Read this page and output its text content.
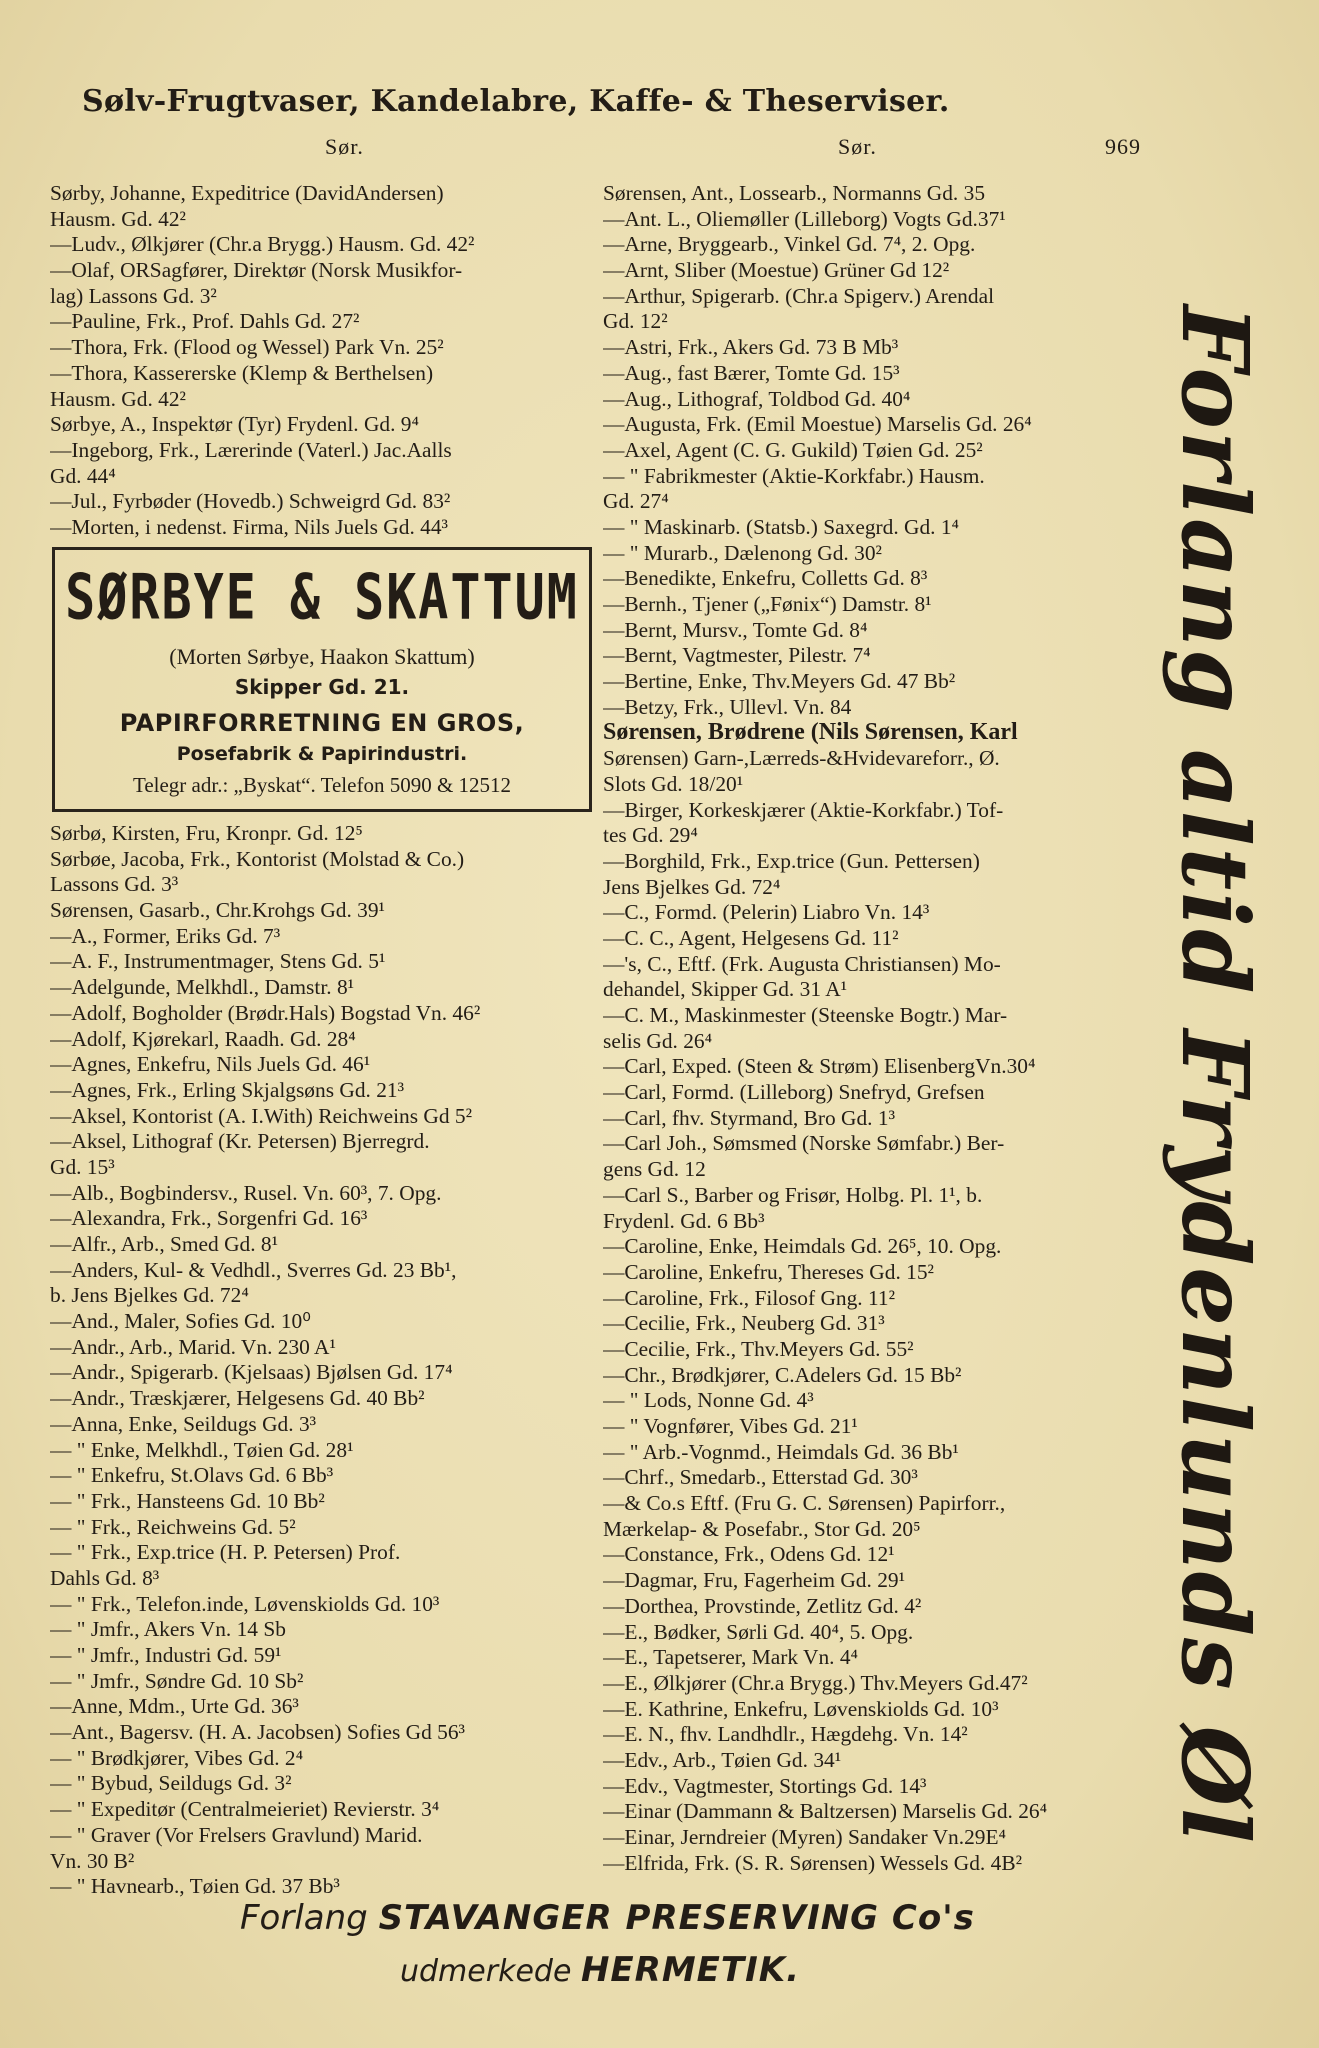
Sølv-Frugtvaser, Kandelabre, Kaffe- & Theserviser.
Sør.	Sør.	969
Sørby, Johanne, Expeditrice (DavidAndersen)
Hausm. Gd. 42²
—Ludv., Ølkjører (Chr.a Brygg.) Hausm. Gd. 42²
—Olaf, ORSagfører, Direktør (Norsk Musikfor-
lag) Lassons Gd. 3²
—Pauline, Frk., Prof. Dahls Gd. 27²
—Thora, Frk. (Flood og Wessel) Park Vn. 25²
—Thora, Kassererske (Klemp & Berthelsen)
Hausm. Gd. 42²
Sørbye, A., Inspektør (Tyr) Frydenl. Gd. 9⁴
—Ingeborg, Frk., Lærerinde (Vaterl.) Jac.Aalls
Gd. 44⁴
—Jul., Fyrbøder (Hovedb.) Schweigrd Gd. 83²
—Morten, i nedenst. Firma, Nils Juels Gd. 44³
SØRBYE & SKATTUM
(Morten Sørbye, Haakon Skattum)
Skipper Gd. 21.
PAPIRFORRETNING EN GROS,
Posefabrik & Papirindustri.
Telegr adr.: „Byskat“. Telefon 5090 & 12512
Sørbø, Kirsten, Fru, Kronpr. Gd. 12⁵
Sørbøe, Jacoba, Frk., Kontorist (Molstad & Co.)
Lassons Gd. 3³
Sørensen, Gasarb., Chr.Krohgs Gd. 39¹
—A., Former, Eriks Gd. 7³
—A. F., Instrumentmager, Stens Gd. 5¹
—Adelgunde, Melkhdl., Damstr. 8¹
—Adolf, Bogholder (Brødr.Hals) Bogstad Vn. 46²
—Adolf, Kjørekarl, Raadh. Gd. 28⁴
—Agnes, Enkefru, Nils Juels Gd. 46¹
—Agnes, Frk., Erling Skjalgsøns Gd. 21³
—Aksel, Kontorist (A. I.With) Reichweins Gd 5²
—Aksel, Lithograf (Kr. Petersen) Bjerregrd.
Gd. 15³
—Alb., Bogbindersv., Rusel. Vn. 60³, 7. Opg.
—Alexandra, Frk., Sorgenfri Gd. 16³
—Alfr., Arb., Smed Gd. 8¹
—Anders, Kul- & Vedhdl., Sverres Gd. 23 Bb¹,
b. Jens Bjelkes Gd. 72⁴
—And., Maler, Sofies Gd. 10⁰
—Andr., Arb., Marid. Vn. 230 A¹
—Andr., Spigerarb. (Kjelsaas) Bjølsen Gd. 17⁴
—Andr., Træskjærer, Helgesens Gd. 40 Bb²
—Anna, Enke, Seildugs Gd. 3³
— " Enke, Melkhdl., Tøien Gd. 28¹
— " Enkefru, St.Olavs Gd. 6 Bb³
— " Frk., Hansteens Gd. 10 Bb²
— " Frk., Reichweins Gd. 5²
— " Frk., Exp.trice (H. P. Petersen) Prof.
Dahls Gd. 8³
— " Frk., Telefon.inde, Løvenskiolds Gd. 10³
— " Jmfr., Akers Vn. 14 Sb
— " Jmfr., Industri Gd. 59¹
— " Jmfr., Søndre Gd. 10 Sb²
—Anne, Mdm., Urte Gd. 36³
—Ant., Bagersv. (H. A. Jacobsen) Sofies Gd 56³
— " Brødkjører, Vibes Gd. 2⁴
— " Bybud, Seildugs Gd. 3²
— " Expeditør (Centralmeieriet) Revierstr. 3⁴
— " Graver (Vor Frelsers Gravlund) Marid.
Vn. 30 B²
— " Havnearb., Tøien Gd. 37 Bb³
Sørensen, Ant., Lossearb., Normanns Gd. 35
—Ant. L., Oliemøller (Lilleborg) Vogts Gd.37¹
—Arne, Bryggearb., Vinkel Gd. 7⁴, 2. Opg.
—Arnt, Sliber (Moestue) Grüner Gd 12²
—Arthur, Spigerarb. (Chr.a Spigerv.) Arendal
Gd. 12²
—Astri, Frk., Akers Gd. 73 B Mb³
—Aug., fast Bærer, Tomte Gd. 15³
—Aug., Lithograf, Toldbod Gd. 40⁴
—Augusta, Frk. (Emil Moestue) Marselis Gd. 26⁴
—Axel, Agent (C. G. Gukild) Tøien Gd. 25²
— " Fabrikmester (Aktie-Korkfabr.) Hausm.
Gd. 27⁴
— " Maskinarb. (Statsb.) Saxegrd. Gd. 1⁴
— " Murarb., Dælenong Gd. 30²
—Benedikte, Enkefru, Colletts Gd. 8³
—Bernh., Tjener („Fønix“) Damstr. 8¹
—Bernt, Mursv., Tomte Gd. 8⁴
—Bernt, Vagtmester, Pilestr. 7⁴
—Bertine, Enke, Thv.Meyers Gd. 47 Bb²
—Betzy, Frk., Ullevl. Vn. 84
Sørensen, Brødrene (Nils Sørensen, Karl
Sørensen) Garn-,Lærreds-&Hvidevareforr., Ø.
Slots Gd. 18/20¹
—Birger, Korkeskjærer (Aktie-Korkfabr.) Tof-
tes Gd. 29⁴
—Borghild, Frk., Exp.trice (Gun. Pettersen)
Jens Bjelkes Gd. 72⁴
—C., Formd. (Pelerin) Liabro Vn. 14³
—C. C., Agent, Helgesens Gd. 11²
—'s, C., Eftf. (Frk. Augusta Christiansen) Mo-
dehandel, Skipper Gd. 31 A¹
—C. M., Maskinmester (Steenske Bogtr.) Mar-
selis Gd. 26⁴
—Carl, Exped. (Steen & Strøm) ElisenbergVn.30⁴
—Carl, Formd. (Lilleborg) Snefryd, Grefsen
—Carl, fhv. Styrmand, Bro Gd. 1³
—Carl Joh., Sømsmed (Norske Sømfabr.) Ber-
gens Gd. 12
—Carl S., Barber og Frisør, Holbg. Pl. 1¹, b.
Frydenl. Gd. 6 Bb³
—Caroline, Enke, Heimdals Gd. 26⁵, 10. Opg.
—Caroline, Enkefru, Thereses Gd. 15²
—Caroline, Frk., Filosof Gng. 11²
—Cecilie, Frk., Neuberg Gd. 31³
—Cecilie, Frk., Thv.Meyers Gd. 55²
—Chr., Brødkjører, C.Adelers Gd. 15 Bb²
— " Lods, Nonne Gd. 4³
— " Vognfører, Vibes Gd. 21¹
— " Arb.-Vognmd., Heimdals Gd. 36 Bb¹
—Chrf., Smedarb., Etterstad Gd. 30³
—& Co.s Eftf. (Fru G. C. Sørensen) Papirforr.,
Mærkelap- & Posefabr., Stor Gd. 20⁵
—Constance, Frk., Odens Gd. 12¹
—Dagmar, Fru, Fagerheim Gd. 29¹
—Dorthea, Provstinde, Zetlitz Gd. 4²
—E., Bødker, Sørli Gd. 40⁴, 5. Opg.
—E., Tapetserer, Mark Vn. 4⁴
—E., Ølkjører (Chr.a Brygg.) Thv.Meyers Gd.47²
—E. Kathrine, Enkefru, Løvenskiolds Gd. 10³
—E. N., fhv. Landhdlr., Hægdehg. Vn. 14²
—Edv., Arb., Tøien Gd. 34¹
—Edv., Vagtmester, Stortings Gd. 14³
—Einar (Dammann & Baltzersen) Marselis Gd. 26⁴
—Einar, Jerndreier (Myren) Sandaker Vn.29E⁴
—Elfrida, Frk. (S. R. Sørensen) Wessels Gd. 4B²
Forlang altid Frydenlunds Øl
Forlang STAVANGER PRESERVING Co's
udmerkede HERMETIK.
